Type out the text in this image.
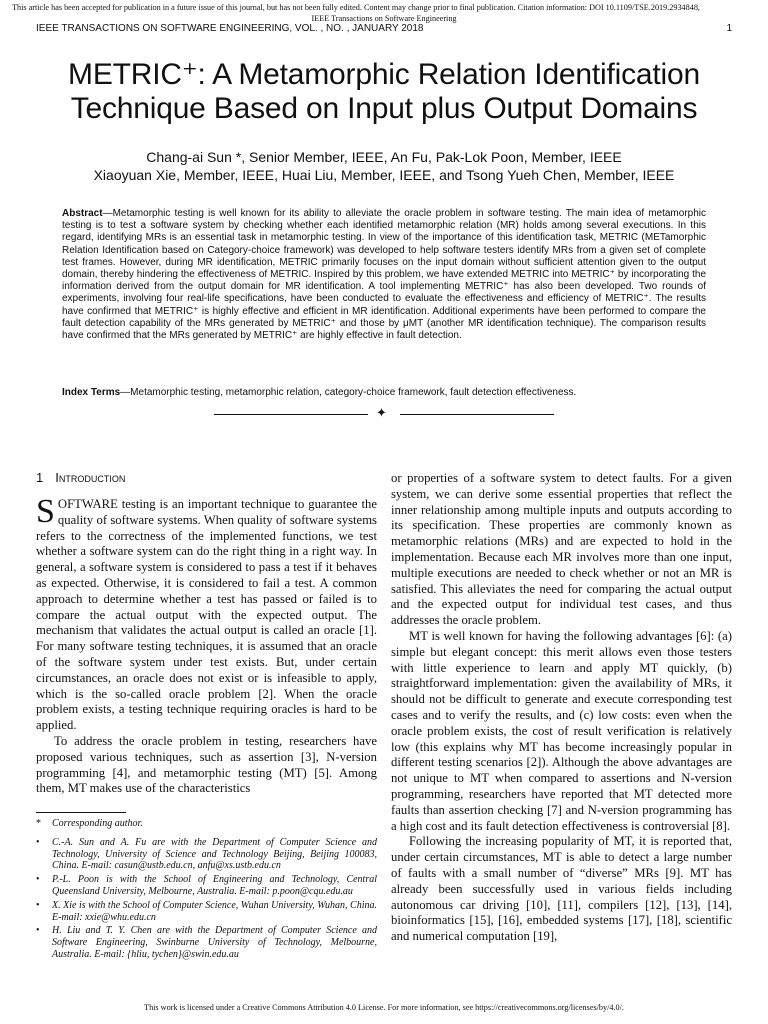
This article has been accepted for publication in a future issue of this journal, but has not been fully edited. Content may change prior to final publication. Citation information: DOI 10.1109/TSE.2019.2934848,
IEEE Transactions on Software Engineering
IEEE TRANSACTIONS ON SOFTWARE ENGINEERING, VOL. , NO. , JANUARY 2018	1
METRIC⁺: A Metamorphic Relation Identification
Technique Based on Input plus Output Domains
Chang-ai Sun *, Senior Member, IEEE, An Fu, Pak-Lok Poon, Member, IEEE
Xiaoyuan Xie, Member, IEEE, Huai Liu, Member, IEEE, and Tsong Yueh Chen, Member, IEEE
Abstract—Metamorphic testing is well known for its ability to alleviate the oracle problem in software testing. The main idea of metamorphic testing is to test a software system by checking whether each identified metamorphic relation (MR) holds among several executions. In this regard, identifying MRs is an essential task in metamorphic testing. In view of the importance of this identification task, METRIC (METamorphic Relation Identification based on Category-choice framework) was developed to help software testers identify MRs from a given set of complete test frames. However, during MR identification, METRIC primarily focuses on the input domain without sufficient attention given to the output domain, thereby hindering the effectiveness of METRIC. Inspired by this problem, we have extended METRIC into METRIC⁺ by incorporating the information derived from the output domain for MR identification. A tool implementing METRIC⁺ has also been developed. Two rounds of experiments, involving four real-life specifications, have been conducted to evaluate the effectiveness and efficiency of METRIC⁺. The results have confirmed that METRIC⁺ is highly effective and efficient in MR identification. Additional experiments have been performed to compare the fault detection capability of the MRs generated by METRIC⁺ and those by μMT (another MR identification technique). The comparison results have confirmed that the MRs generated by METRIC⁺ are highly effective in fault detection.
Index Terms—Metamorphic testing, metamorphic relation, category-choice framework, fault detection effectiveness.
✦
1 Introduction

SOFTWARE testing is an important technique to guarantee the quality of software systems. When quality of software systems refers to the correctness of the implemented functions, we test whether a software system can do the right thing in a right way. In general, a software system is considered to pass a test if it behaves as expected. Otherwise, it is considered to fail a test. A common approach to determine whether a test has passed or failed is to compare the actual output with the expected output. The mechanism that validates the actual output is called an oracle [1]. For many software testing techniques, it is assumed that an oracle of the software system under test exists. But, under certain circumstances, an oracle does not exist or is infeasible to apply, which is the so-called oracle problem [2]. When the oracle problem exists, a testing technique requiring oracles is hard to be applied.

To address the oracle problem in testing, researchers have proposed various techniques, such as assertion [3], N-version programming [4], and metamorphic testing (MT) [5]. Among them, MT makes use of the characteristics

* Corresponding author.
• C.-A. Sun and A. Fu are with the Department of Computer Science and Technology, University of Science and Technology Beijing, Beijing 100083, China. E-mail: casun@ustb.edu.cn, anfu@xs.ustb.edu.cn
• P.-L. Poon is with the School of Engineering and Technology, Central Queensland University, Melbourne, Australia. E-mail: p.poon@cqu.edu.au
• X. Xie is with the School of Computer Science, Wuhan University, Wuhan, China. E-mail: xxie@whu.edu.cn
• H. Liu and T. Y. Chen are with the Department of Computer Science and Software Engineering, Swinburne University of Technology, Melbourne, Australia. E-mail: {hliu, tychen}@swin.edu.au

or properties of a software system to detect faults. For a given system, we can derive some essential properties that reflect the inner relationship among multiple inputs and outputs according to its specification. These properties are commonly known as metamorphic relations (MRs) and are expected to hold in the implementation. Because each MR involves more than one input, multiple executions are needed to check whether or not an MR is satisfied. This alleviates the need for comparing the actual output and the expected output for individual test cases, and thus addresses the oracle problem.

MT is well known for having the following advantages [6]: (a) simple but elegant concept: this merit allows even those testers with little experience to learn and apply MT quickly, (b) straightforward implementation: given the availability of MRs, it should not be difficult to generate and execute corresponding test cases and to verify the results, and (c) low costs: even when the oracle problem exists, the cost of result verification is relatively low (this explains why MT has become increasingly popular in different testing scenarios [2]). Although the above advantages are not unique to MT when compared to assertions and N-version programming, researchers have reported that MT detected more faults than assertion checking [7] and N-version programming has a high cost and its fault detection effectiveness is controversial [8].

Following the increasing popularity of MT, it is reported that, under certain circumstances, MT is able to detect a large number of faults with a small number of “diverse” MRs [9]. MT has already been successfully used in various fields including autonomous car driving [10], [11], compilers [12], [13], [14], bioinformatics [15], [16], embedded systems [17], [18], scientific and numerical computation [19],

This work is licensed under a Creative Commons Attribution 4.0 License. For more information, see https://creativecommons.org/licenses/by/4.0/.
